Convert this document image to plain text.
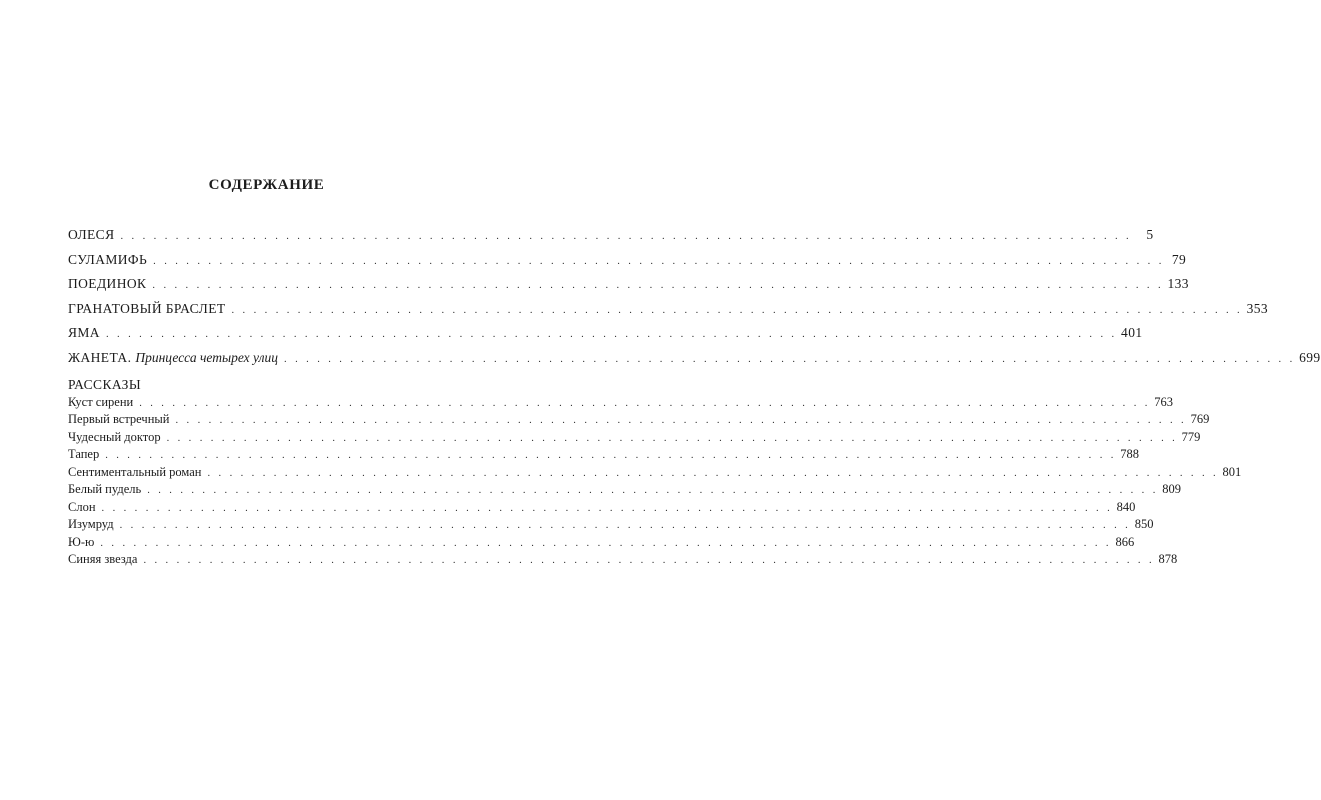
СОДЕРЖАНИЕ
ОЛЕСЯ . . . . . . . . . . . . . . . . . . . . . . . . . . . . . . . . . . . . . . . . . . . . . . . . . . . . . . . . . . . . . . . . . . . . . . . . . . . . . . . . . . . . . . . . . . . .	5
СУЛАМИФЬ . . . . . . . . . . . . . . . . . . . . . . . . . . . . . . . . . . . . . . . . . . . . . . . . . . . . . . . . . . . . . . . . . . . . . . . . . . . . . . . . . . . . . . . . . . . . 79
ПОЕДИНОК . . . . . . . . . . . . . . . . . . . . . . . . . . . . . . . . . . . . . . . . . . . . . . . . . . . . . . . . . . . . . . . . . . . . . . . . . . . . . . . . . . . . . . . . . . . . 133
ГРАНАТОВЫЙ БРАСЛЕТ . . . . . . . . . . . . . . . . . . . . . . . . . . . . . . . . . . . . . . . . . . . . . . . . . . . . . . . . . . . . . . . . . . . . . . . . . . . . . . . . . . . . . . . . . . . . 353
ЯМА . . . . . . . . . . . . . . . . . . . . . . . . . . . . . . . . . . . . . . . . . . . . . . . . . . . . . . . . . . . . . . . . . . . . . . . . . . . . . . . . . . . . . . . . . . . . 401
ЖАНЕТА. Принцесса четырех улиц . . . . . . . . . . . . . . . . . . . . . . . . . . . . . . . . . . . . . . . . . . . . . . . . . . . . . . . . . . . . . . . . . . . . . . . . . . . . . . . . . . . . . . . . . . . . 699
РАССКАЗЫ
Куст сирени . . . . . . . . . . . . . . . . . . . . . . . . . . . . . . . . . . . . . . . . . . . . . . . . . . . . . . . . . . . . . . . . . . . . . . . . . . . . . . . . . . . . . . . . . . . . 763
Первый встречный . . . . . . . . . . . . . . . . . . . . . . . . . . . . . . . . . . . . . . . . . . . . . . . . . . . . . . . . . . . . . . . . . . . . . . . . . . . . . . . . . . . . . . . . . . . . 769
Чудесный доктор . . . . . . . . . . . . . . . . . . . . . . . . . . . . . . . . . . . . . . . . . . . . . . . . . . . . . . . . . . . . . . . . . . . . . . . . . . . . . . . . . . . . . . . . . . . . 779
Тапер . . . . . . . . . . . . . . . . . . . . . . . . . . . . . . . . . . . . . . . . . . . . . . . . . . . . . . . . . . . . . . . . . . . . . . . . . . . . . . . . . . . . . . . . . . . . 788
Сентиментальный роман . . . . . . . . . . . . . . . . . . . . . . . . . . . . . . . . . . . . . . . . . . . . . . . . . . . . . . . . . . . . . . . . . . . . . . . . . . . . . . . . . . . . . . . . . . . . 801
Белый пудель . . . . . . . . . . . . . . . . . . . . . . . . . . . . . . . . . . . . . . . . . . . . . . . . . . . . . . . . . . . . . . . . . . . . . . . . . . . . . . . . . . . . . . . . . . . . 809
Слон . . . . . . . . . . . . . . . . . . . . . . . . . . . . . . . . . . . . . . . . . . . . . . . . . . . . . . . . . . . . . . . . . . . . . . . . . . . . . . . . . . . . . . . . . . . . 840
Изумруд . . . . . . . . . . . . . . . . . . . . . . . . . . . . . . . . . . . . . . . . . . . . . . . . . . . . . . . . . . . . . . . . . . . . . . . . . . . . . . . . . . . . . . . . . . . . 850
Ю-ю . . . . . . . . . . . . . . . . . . . . . . . . . . . . . . . . . . . . . . . . . . . . . . . . . . . . . . . . . . . . . . . . . . . . . . . . . . . . . . . . . . . . . . . . . . . . 866
Синяя звезда . . . . . . . . . . . . . . . . . . . . . . . . . . . . . . . . . . . . . . . . . . . . . . . . . . . . . . . . . . . . . . . . . . . . . . . . . . . . . . . . . . . . . . . . . . . . 878
